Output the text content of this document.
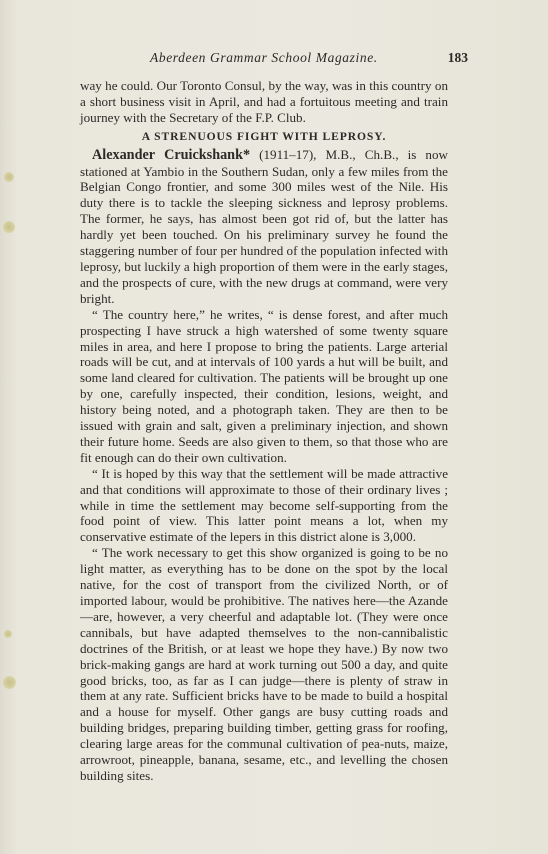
Aberdeen Grammar School Magazine.	183

way he could. Our Toronto Consul, by the way, was in this country on a short business visit in April, and had a fortuitous meeting and train journey with the Secretary of the F.P. Club.

A STRENUOUS FIGHT WITH LEPROSY.

Alexander Cruickshank* (1911–17), M.B., Ch.B., is now stationed at Yambio in the Southern Sudan, only a few miles from the Belgian Congo frontier, and some 300 miles west of the Nile. His duty there is to tackle the sleeping sickness and leprosy problems. The former, he says, has almost been got rid of, but the latter has hardly yet been touched. On his preliminary survey he found the staggering number of four per hundred of the population infected with leprosy, but luckily a high proportion of them were in the early stages, and the prospects of cure, with the new drugs at command, were very bright.

“ The country here,” he writes, “ is dense forest, and after much prospecting I have struck a high watershed of some twenty square miles in area, and here I propose to bring the patients. Large arterial roads will be cut, and at intervals of 100 yards a hut will be built, and some land cleared for cultivation. The patients will be brought up one by one, carefully inspected, their condition, lesions, weight, and history being noted, and a photograph taken. They are then to be issued with grain and salt, given a preliminary injection, and shown their future home. Seeds are also given to them, so that those who are fit enough can do their own cultivation.

“ It is hoped by this way that the settlement will be made attractive and that conditions will approximate to those of their ordinary lives ; while in time the settlement may become self-supporting from the food point of view. This latter point means a lot, when my conservative estimate of the lepers in this district alone is 3,000.

“ The work necessary to get this show organized is going to be no light matter, as everything has to be done on the spot by the local native, for the cost of transport from the civilized North, or of imported labour, would be prohibitive. The natives here—the Azande—are, however, a very cheerful and adaptable lot. (They were once cannibals, but have adapted themselves to the non-cannibalistic doctrines of the British, or at least we hope they have.) By now two brick-making gangs are hard at work turning out 500 a day, and quite good bricks, too, as far as I can judge—there is plenty of straw in them at any rate. Sufficient bricks have to be made to build a hospital and a house for myself. Other gangs are busy cutting roads and building bridges, preparing building timber, getting grass for roofing, clearing large areas for the communal cultivation of pea-nuts, maize, arrowroot, pineapple, banana, sesame, etc., and levelling the chosen building sites.
